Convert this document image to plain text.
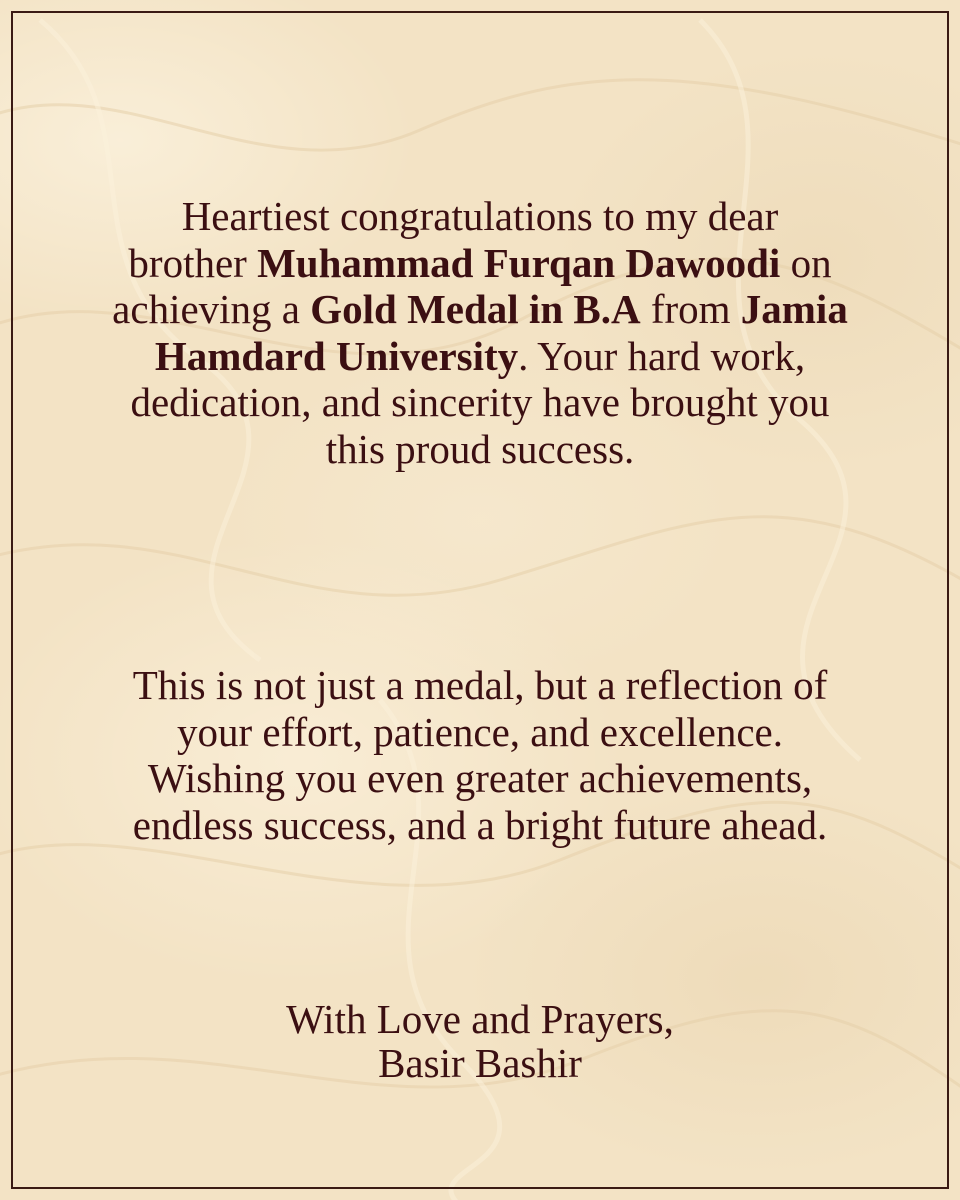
Heartiest congratulations to my dear
brother Muhammad Furqan Dawoodi on
achieving a Gold Medal in B.A from Jamia
Hamdard University. Your hard work,
dedication, and sincerity have brought you
this proud success.
This is not just a medal, but a reflection of
your effort, patience, and excellence.
Wishing you even greater achievements,
endless success, and a bright future ahead.
With Love and Prayers,
Basir Bashir
